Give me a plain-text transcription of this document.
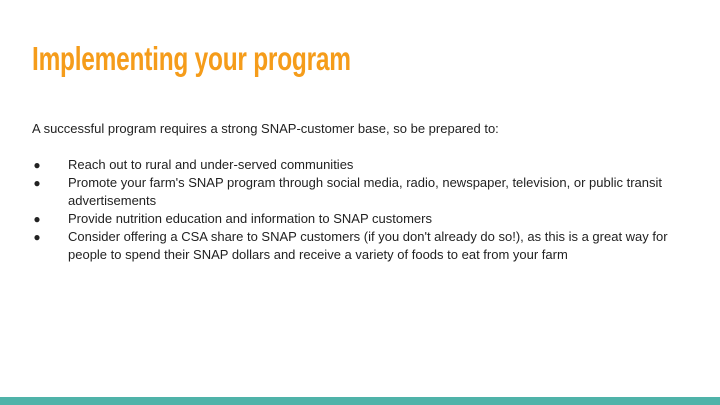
Implementing your program

A successful program requires a strong SNAP-customer base, so be prepared to:

● Reach out to rural and under-served communities
● Promote your farm's SNAP program through social media, radio, newspaper, television, or public transit advertisements
● Provide nutrition education and information to SNAP customers
● Consider offering a CSA share to SNAP customers (if you don't already do so!), as this is a great way for people to spend their SNAP dollars and receive a variety of foods to eat from your farm
